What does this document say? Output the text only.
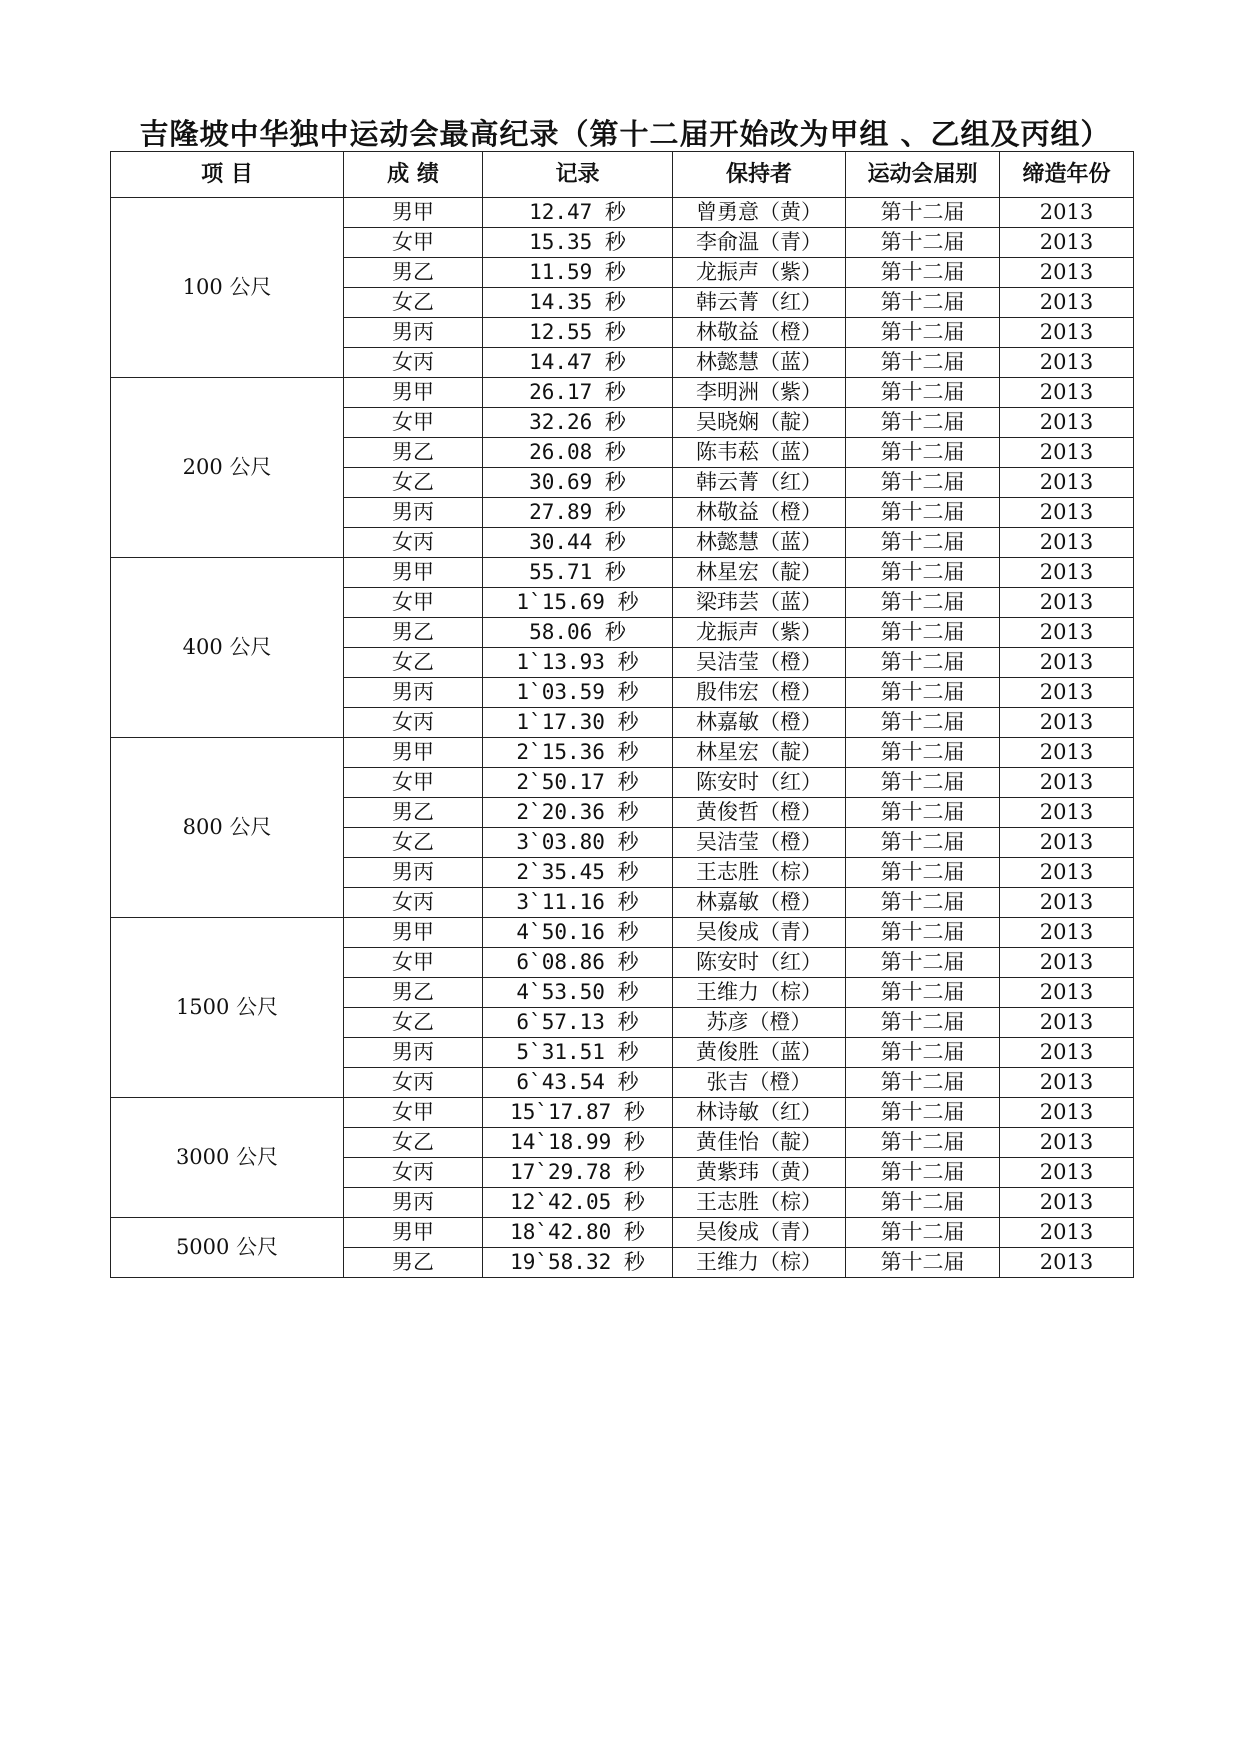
吉隆坡中华独中运动会最高纪录（第十二届开始改为甲组 、乙组及丙组）
项 目	成 绩	记录	保持者	运动会届别	缔造年份
100 公尺	男甲	12.47 秒	曾勇意（黄）	第十二届	2013
	女甲	15.35 秒	李俞温（青）	第十二届	2013
	男乙	11.59 秒	龙振声（紫）	第十二届	2013
	女乙	14.35 秒	韩云菁（红）	第十二届	2013
	男丙	12.55 秒	林敬益（橙）	第十二届	2013
	女丙	14.47 秒	林懿慧（蓝）	第十二届	2013
200 公尺	男甲	26.17 秒	李明洲（紫）	第十二届	2013
	女甲	32.26 秒	吴晓娴（靛）	第十二届	2013
	男乙	26.08 秒	陈韦菘（蓝）	第十二届	2013
	女乙	30.69 秒	韩云菁（红）	第十二届	2013
	男丙	27.89 秒	林敬益（橙）	第十二届	2013
	女丙	30.44 秒	林懿慧（蓝）	第十二届	2013
400 公尺	男甲	55.71 秒	林星宏（靛）	第十二届	2013
	女甲	1`15.69 秒	梁玮芸（蓝）	第十二届	2013
	男乙	58.06 秒	龙振声（紫）	第十二届	2013
	女乙	1`13.93 秒	吴洁莹（橙）	第十二届	2013
	男丙	1`03.59 秒	殷伟宏（橙）	第十二届	2013
	女丙	1`17.30 秒	林嘉敏（橙）	第十二届	2013
800 公尺	男甲	2`15.36 秒	林星宏（靛）	第十二届	2013
	女甲	2`50.17 秒	陈安时（红）	第十二届	2013
	男乙	2`20.36 秒	黄俊哲（橙）	第十二届	2013
	女乙	3`03.80 秒	吴洁莹（橙）	第十二届	2013
	男丙	2`35.45 秒	王志胜（棕）	第十二届	2013
	女丙	3`11.16 秒	林嘉敏（橙）	第十二届	2013
1500 公尺	男甲	4`50.16 秒	吴俊成（青）	第十二届	2013
	女甲	6`08.86 秒	陈安时（红）	第十二届	2013
	男乙	4`53.50 秒	王维力（棕）	第十二届	2013
	女乙	6`57.13 秒	苏彦（橙）	第十二届	2013
	男丙	5`31.51 秒	黄俊胜（蓝）	第十二届	2013
	女丙	6`43.54 秒	张吉（橙）	第十二届	2013
3000 公尺	女甲	15`17.87 秒	林诗敏（红）	第十二届	2013
	女乙	14`18.99 秒	黄佳怡（靛）	第十二届	2013
	女丙	17`29.78 秒	黄紫玮（黄）	第十二届	2013
	男丙	12`42.05 秒	王志胜（棕）	第十二届	2013
5000 公尺	男甲	18`42.80 秒	吴俊成（青）	第十二届	2013
	男乙	19`58.32 秒	王维力（棕）	第十二届	2013
